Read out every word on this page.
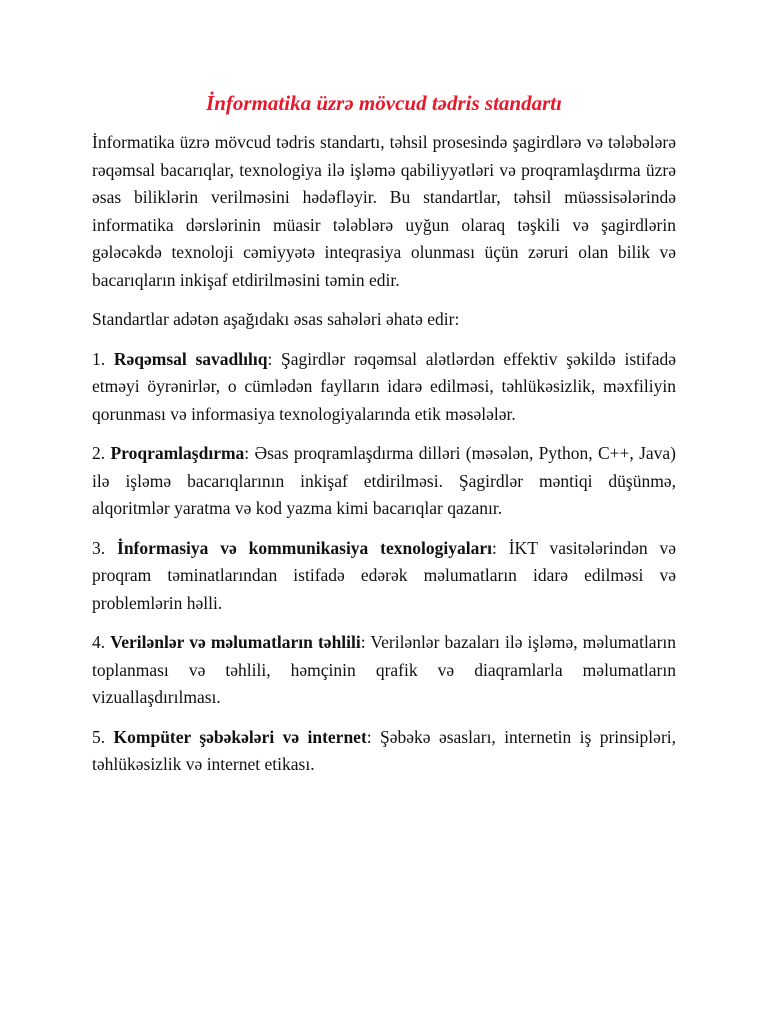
İnformatika üzrə mövcud tədris standartı

İnformatika üzrə mövcud tədris standartı, təhsil prosesində şagirdlərə və tələbələrə rəqəmsal bacarıqlar, texnologiya ilə işləmə qabiliyyətləri və proqramlaşdırma üzrə əsas biliklərin verilməsini hədəfləyir. Bu standartlar, təhsil müəssisələrində informatika dərslərinin müasir tələblərə uyğun olaraq təşkili və şagirdlərin gələcəkdə texnoloji cəmiyyətə inteqrasiya olunması üçün zəruri olan bilik və bacarıqların inkişaf etdirilməsini təmin edir.

Standartlar adətən aşağıdakı əsas sahələri əhatə edir:

1. Rəqəmsal savadlılıq: Şagirdlər rəqəmsal alətlərdən effektiv şəkildə istifadə etməyi öyrənirlər, o cümlədən faylların idarə edilməsi, təhlükəsizlik, məxfiliyin qorunması və informasiya texnologiyalarında etik məsələlər.

2. Proqramlaşdırma: Əsas proqramlaşdırma dilləri (məsələn, Python, C++, Java) ilə işləmə bacarıqlarının inkişaf etdirilməsi. Şagirdlər məntiqi düşünmə, alqoritmlər yaratma və kod yazma kimi bacarıqlar qazanır.

3. İnformasiya və kommunikasiya texnologiyaları: İKT vasitələrindən və proqram təminatlarından istifadə edərək məlumatların idarə edilməsi və problemlərin həlli.

4. Verilənlər və məlumatların təhlili: Verilənlər bazaları ilə işləmə, məlumatların toplanması və təhlili, həmçinin qrafik və diaqramlarla məlumatların vizuallaşdırılması.

5. Kompüter şəbəkələri və internet: Şəbəkə əsasları, internetin iş prinsipləri, təhlükəsizlik və internet etikası.
